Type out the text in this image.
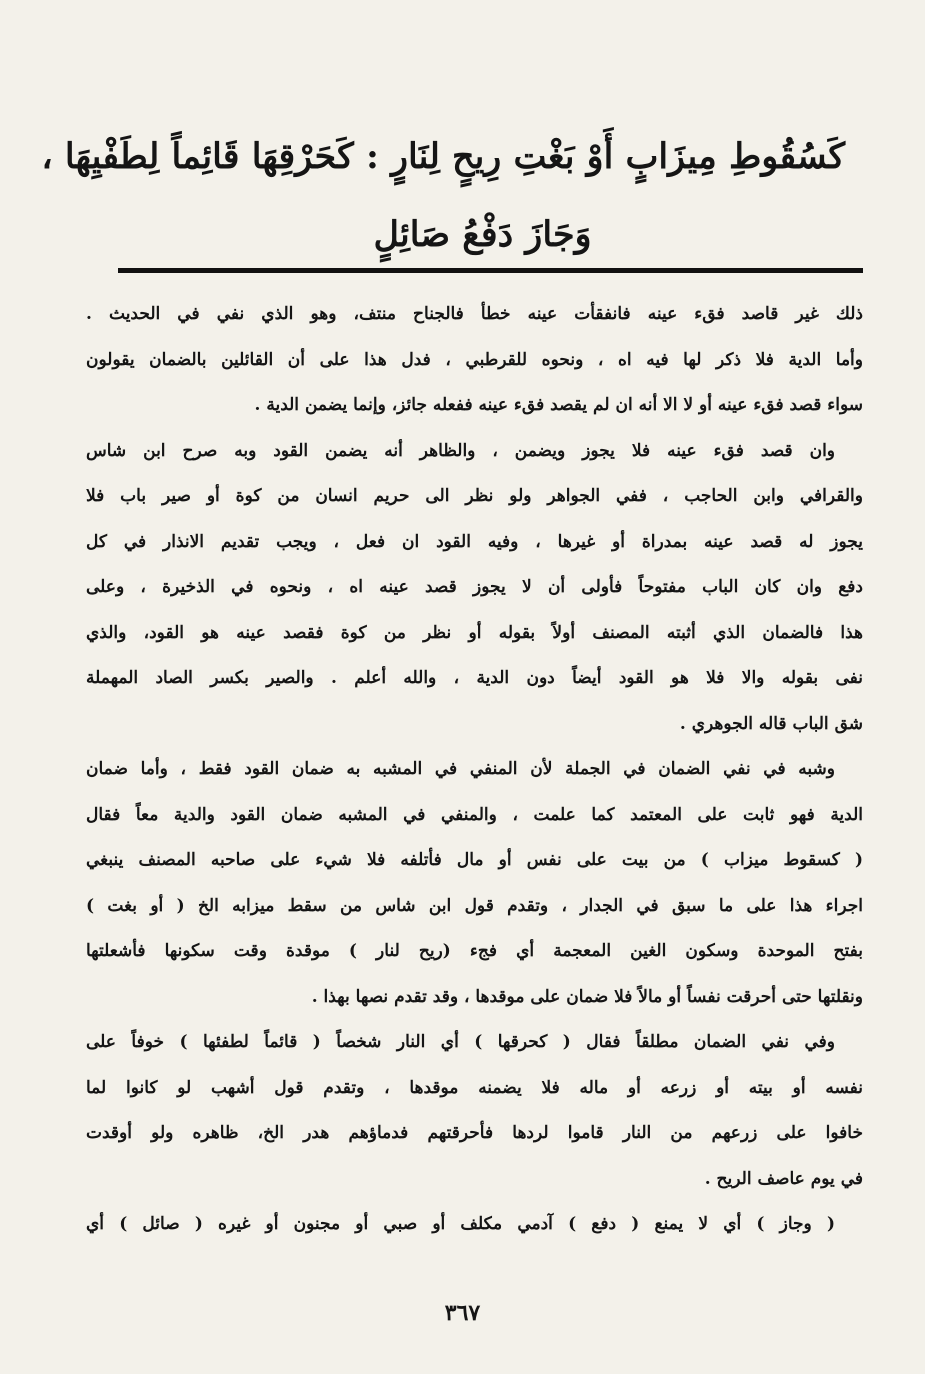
كَسُقُوطِ مِيزَابٍ أَوْ بَغْتِ رِيحٍ لِنَارٍ : كَحَرْقِهَا قَائِماً لِطَفْيِهَا ،
وَجَازَ دَفْعُ صَائِلٍ
ذلك غير قاصد فقء عينه فانفقأت عينه خطأ فالجناح منتف، وهو الذي نفي في الحديث .
وأما الدية فلا ذكر لها فيه اه ، ونحوه للقرطبي ، فدل هذا على أن القائلين بالضمان يقولون
سواء قصد فقء عينه أو لا الا أنه ان لم يقصد فقء عينه ففعله جائز، وإنما يضمن الدية .
وان قصد فقء عينه فلا يجوز ويضمن ، والظاهر أنه يضمن القود وبه صرح ابن شاس
والقرافي وابن الحاجب ، ففي الجواهر ولو نظر الى حريم انسان من كوة أو صير باب فلا
يجوز له قصد عينه بمدراة أو غيرها ، وفيه القود ان فعل ، ويجب تقديم الانذار في كل
دفع وان كان الباب مفتوحاً فأولى أن لا يجوز قصد عينه اه ، ونحوه في الذخيرة ، وعلى
هذا فالضمان الذي أثبته المصنف أولاً بقوله أو نظر من كوة فقصد عينه هو القود، والذي
نفى بقوله والا فلا هو القود أيضاً دون الدية ، والله أعلم . والصير بكسر الصاد المهملة
شق الباب قاله الجوهري .
وشبه في نفي الضمان في الجملة لأن المنفي في المشبه به ضمان القود فقط ، وأما ضمان
الدية فهو ثابت على المعتمد كما علمت ، والمنفي في المشبه ضمان القود والدية معاً فقال
( كسقوط ميزاب ) من بيت على نفس أو مال فأتلفه فلا شيء على صاحبه المصنف ينبغي
اجراء هذا على ما سبق في الجدار ، وتقدم قول ابن شاس من سقط ميزابه الخ ( أو بغت )
بفتح الموحدة وسكون الغين المعجمة أي فجء (ريح لنار ) موقدة وقت سكونها فأشعلتها
ونقلتها حتى أحرقت نفساً أو مالاً فلا ضمان على موقدها ، وقد تقدم نصها بهذا .
وفي نفي الضمان مطلقاً فقال ( كحرقها ) أي النار شخصاً ( قائماً لطفئها ) خوفاً على
نفسه أو بيته أو زرعه أو ماله فلا يضمنه موقدها ، وتقدم قول أشهب لو كانوا لما
خافوا على زرعهم من النار قاموا لردها فأحرقتهم فدماؤهم هدر الخ، ظاهره ولو أوقدت
في يوم عاصف الريح .
( وجاز ) أي لا يمنع ( دفع ) آدمي مكلف أو صبي أو مجنون أو غيره ( صائل ) أي
٣٦٧
